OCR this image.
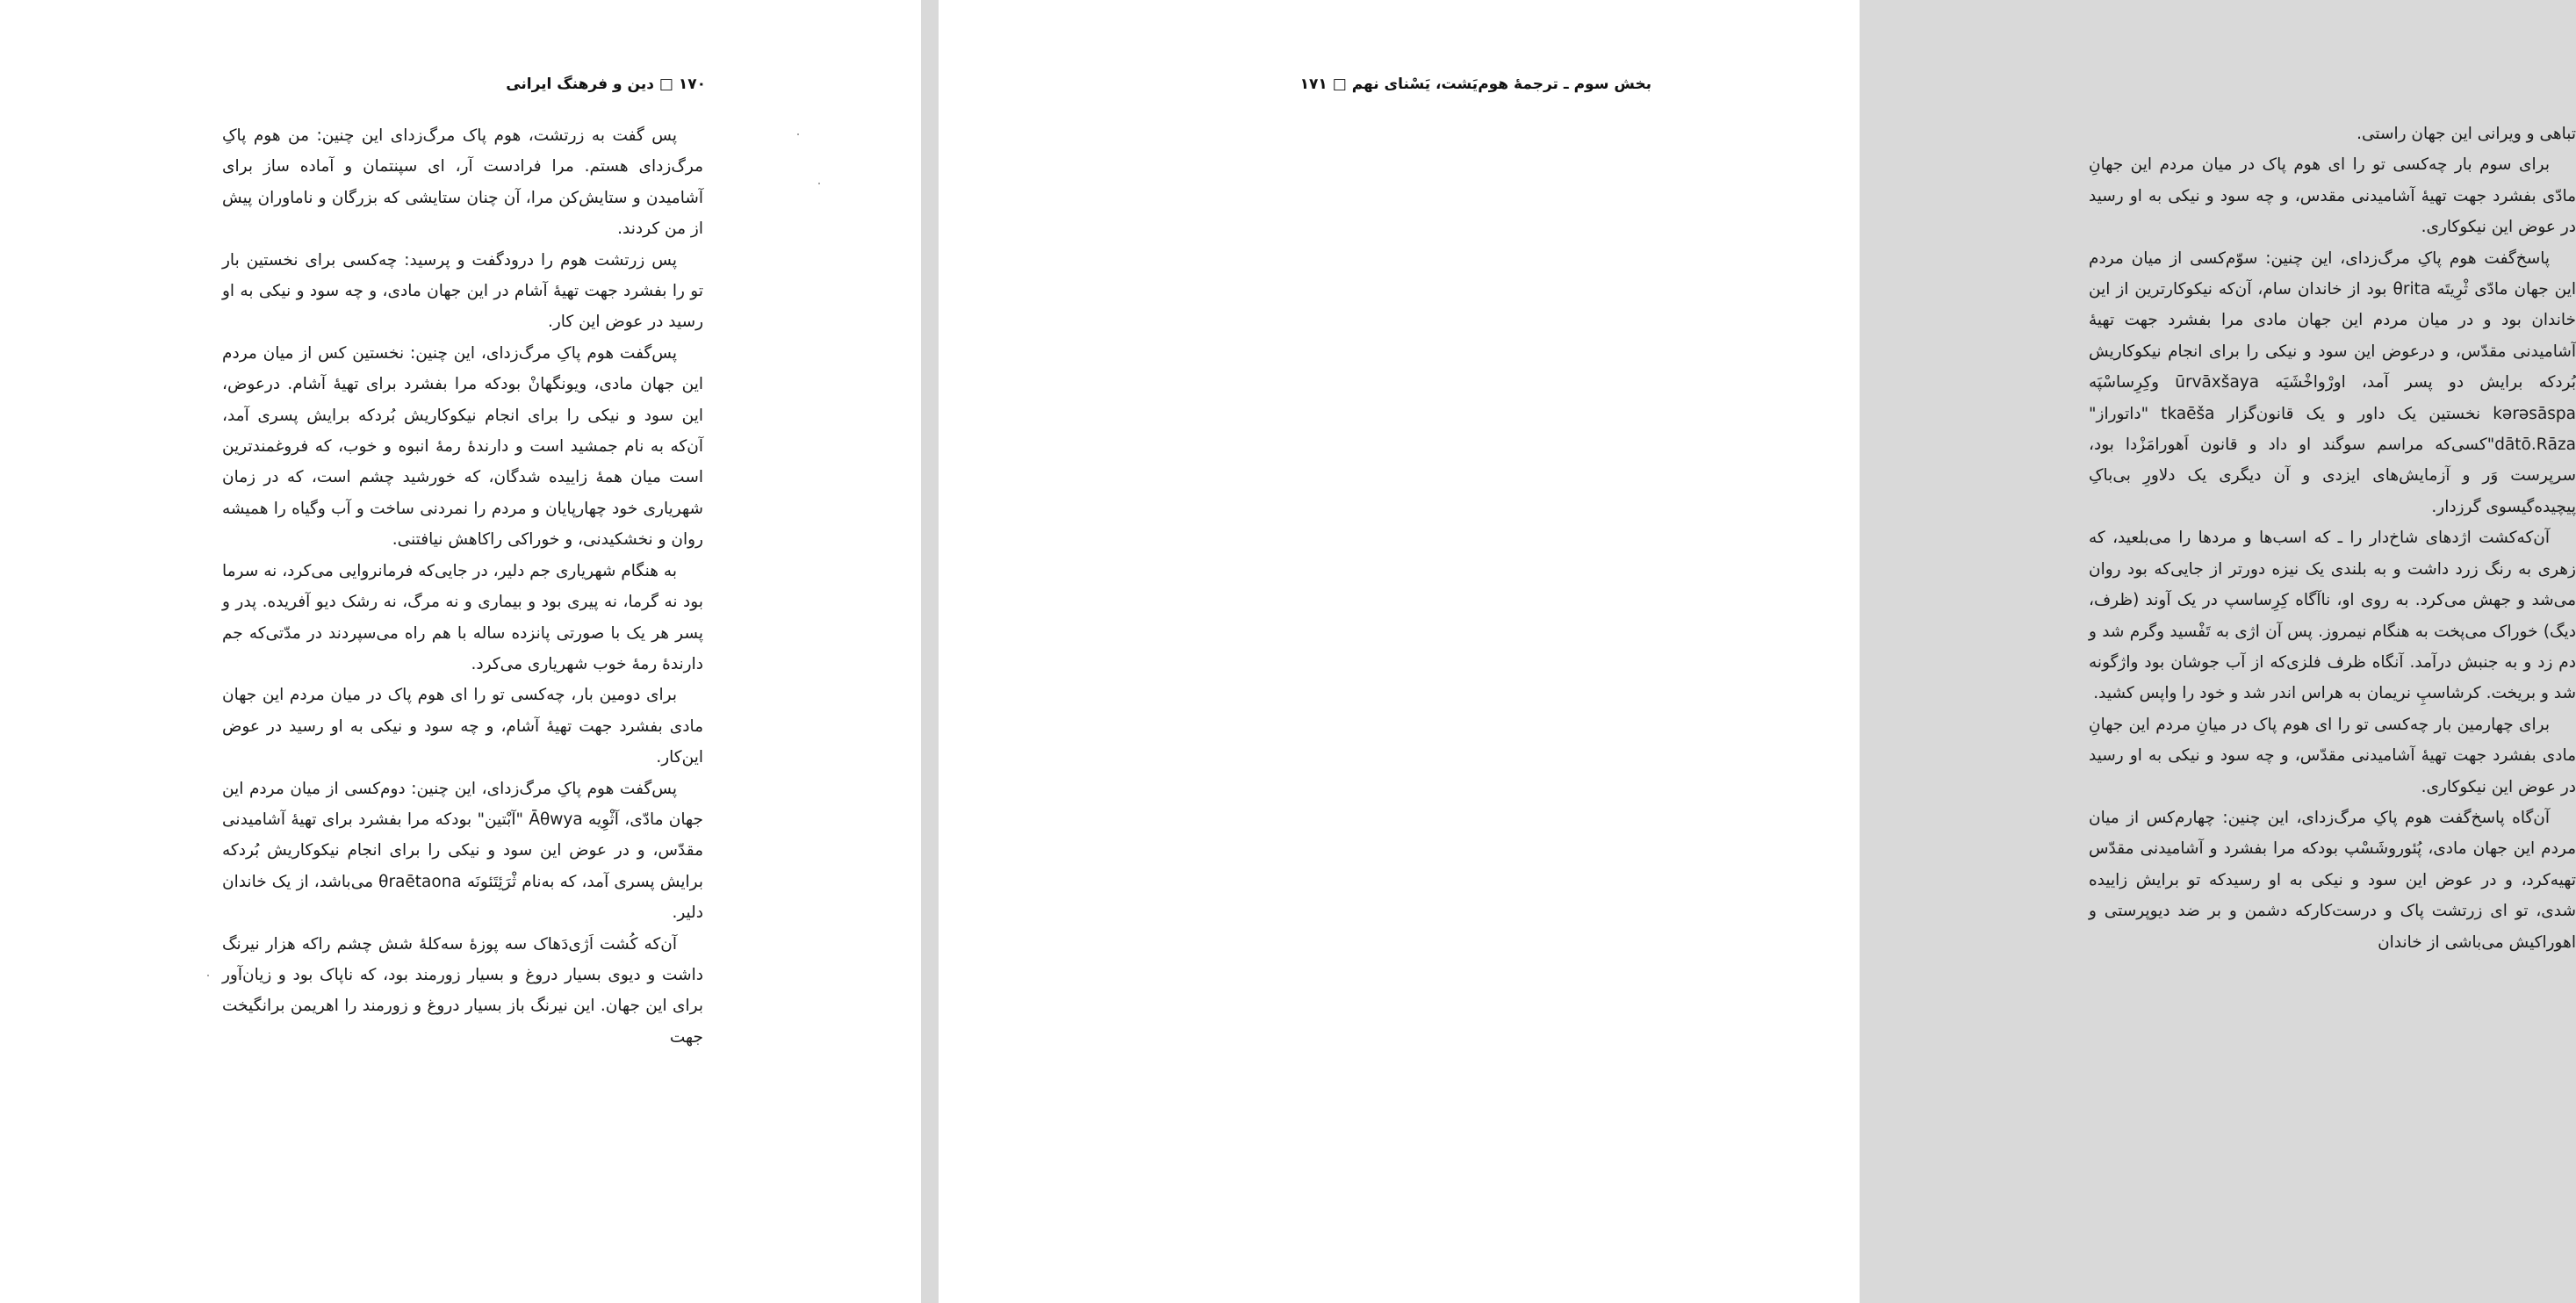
۱۷۰ □ دین و فرهنگ ایرانی

پس گفت به زرتشت، هوم پاک مرگ‌زدای این چنین: من هوم پاکِ مرگ‌زدای هستم. مرا فرادست آر، ای سپنتمان و آماده ساز برای آشامیدن و ستایش‌کن مرا، آن چنان ستایشی که بزرگان و ناماوران پیش از من کردند.

پس زرتشت هوم را درودگفت و پرسید: چه‌کسی برای نخستین بار تو را بفشرد جهت تهیهٔ آشام در این جهان مادی، و چه سود و نیکی به او رسید در عوض این کار.

پس‌گفت هوم پاکِ مرگ‌زدای، این چنین: نخستین کس از میان مردم این جهان مادی، ویونگهانْ بودکه مرا بفشرد برای تهیهٔ آشام. درعوض، این سود و نیکی را برای انجام نیکوکاریش بُردکه برایش پسری آمد، آن‌که به نام جمشید است و دارندهٔ رمهٔ انبوه و خوب، که فروغمندترین است میان همهٔ زاییده شدگان، که خورشید چشم است، که در زمان شهریاری خود چهارپایان و مردم را نمردنی ساخت و آب وگیاه را همیشه روان و نخشکیدنی، و خوراکی راکاهش نیافتنی.

به هنگام شهریاری جم دلیر، در جایی‌که فرمانروایی می‌کرد، نه سرما بود نه گرما، نه پیری بود و بیماری و نه مرگ، نه رشک دیو آفریده. پدر و پسر هر یک با صورتی پانزده ساله با هم راه می‌سپردند در مدّتی‌که جم دارندهٔ رمهٔ خوب شهریاری می‌کرد.

برای دومین بار، چه‌کسی تو را ای هوم پاک در میان مردم این جهان مادی بفشرد جهت تهیهٔ آشام، و چه سود و نیکی به او رسید در عوض این‌کار.

پس‌گفت هوم پاکِ مرگ‌زدای، این چنین: دوم‌کسی از میان مردم این جهان مادّی، آثْوِیه Āθwya "آبْتین" بودکه مرا بفشرد برای تهیهٔ آشامیدنی مقدّس، و در عوض این سود و نیکی را برای انجام نیکوکاریش بُردکه برایش پسری آمد، که به‌نام ثْرَئِتَئونَه θraētaona می‌باشد، از یک خاندان دلیر.

آن‌که کُشت اَژی‌دَهاک سه پوزهٔ سه‌کلهٔ شش چشم راکه هزار نیرنگ داشت و دیوی بسیار دروغ و بسیار زورمند بود، که ناپاک بود و زیان‌آور برای این جهان. این نیرنگ باز بسیار دروغ و زورمند را اهریمن برانگیخت جهت

بخش سوم ـ ترجمهٔ هوم‌یَشت، یَسْنای نهم □ ۱۷۱

تباهی و ویرانی این جهان راستی.

برای سوم بار چه‌کسی تو را ای هوم پاک در میان مردم این جهانِ مادّی بفشرد جهت تهیهٔ آشامیدنی مقدس، و چه سود و نیکی به او رسید در عوض این نیکوکاری.

پاسخ‌گفت هوم پاکِ مرگ‌زدای، این چنین: سوّم‌کسی از میان مردم این جهان مادّی ثْرِیتَه θrita بود از خاندان سام، آن‌که نیکوکارترین از این خاندان بود و در میان مردم این جهان مادی مرا بفشرد جهت تهیهٔ آشامیدنی مقدّس، و درعوض این سود و نیکی را برای انجام نیکوکاریش بُردکه برایش دو پسر آمد، اورْواخْشَیَه ūrvāxšaya وکِرِساسْپَه kərəsāspa نخستین یک داور و یک قانون‌گزار tkaēša "داتوراز" dātō.Rāza"کسی‌که مراسم سوگند او داد و قانون اَهورامَزْدا بود، سرپرست وَر و آزمایش‌های ایزدی و آن دیگری یک دلاورِ بی‌باکِ پیچیده‌گیسوی گرزدار.

آن‌که‌کشت اژدهای شاخ‌دار را ـ که اسب‌ها و مردها را می‌بلعید، که زهری به رنگ زرد داشت و به بلندی یک نیزه دورتر از جایی‌که بود روان می‌شد و جهش می‌کرد. به روی او، ناآگاه کِرِساسپ در یک آوند (ظرف، دیگ) خوراک می‌پخت به هنگام نیمروز. پس آن اژی به تَفْسید وگرم شد و دم زد و به جنبش درآمد. آنگاه ظرف فلزی‌که از آب جوشان بود واژگونه شد و بریخت. کرشاسپِ نریمان به هراس اندر شد و خود را واپس کشید.

برای چهارمین بار چه‌کسی تو را ای هوم پاک در میانِ مردم این جهانِ مادی بفشرد جهت تهیهٔ آشامیدنی مقدّس، و چه سود و نیکی به او رسید در عوض این نیکوکاری.

آن‌گاه پاسخ‌گفت هوم پاکِ مرگ‌زدای، این چنین: چهارم‌کس از میان مردم این جهان مادی، پُئوروشَسْپ بودکه مرا بفشرد و آشامیدنی مقدّس تهیه‌کرد، و در عوض این سود و نیکی به او رسیدکه تو برایش زاییده شدی، تو ای زرتشت پاک و درست‌کارکه دشمن و بر ضد دیوپرستی و اهوراکیش می‌باشی از خاندان
